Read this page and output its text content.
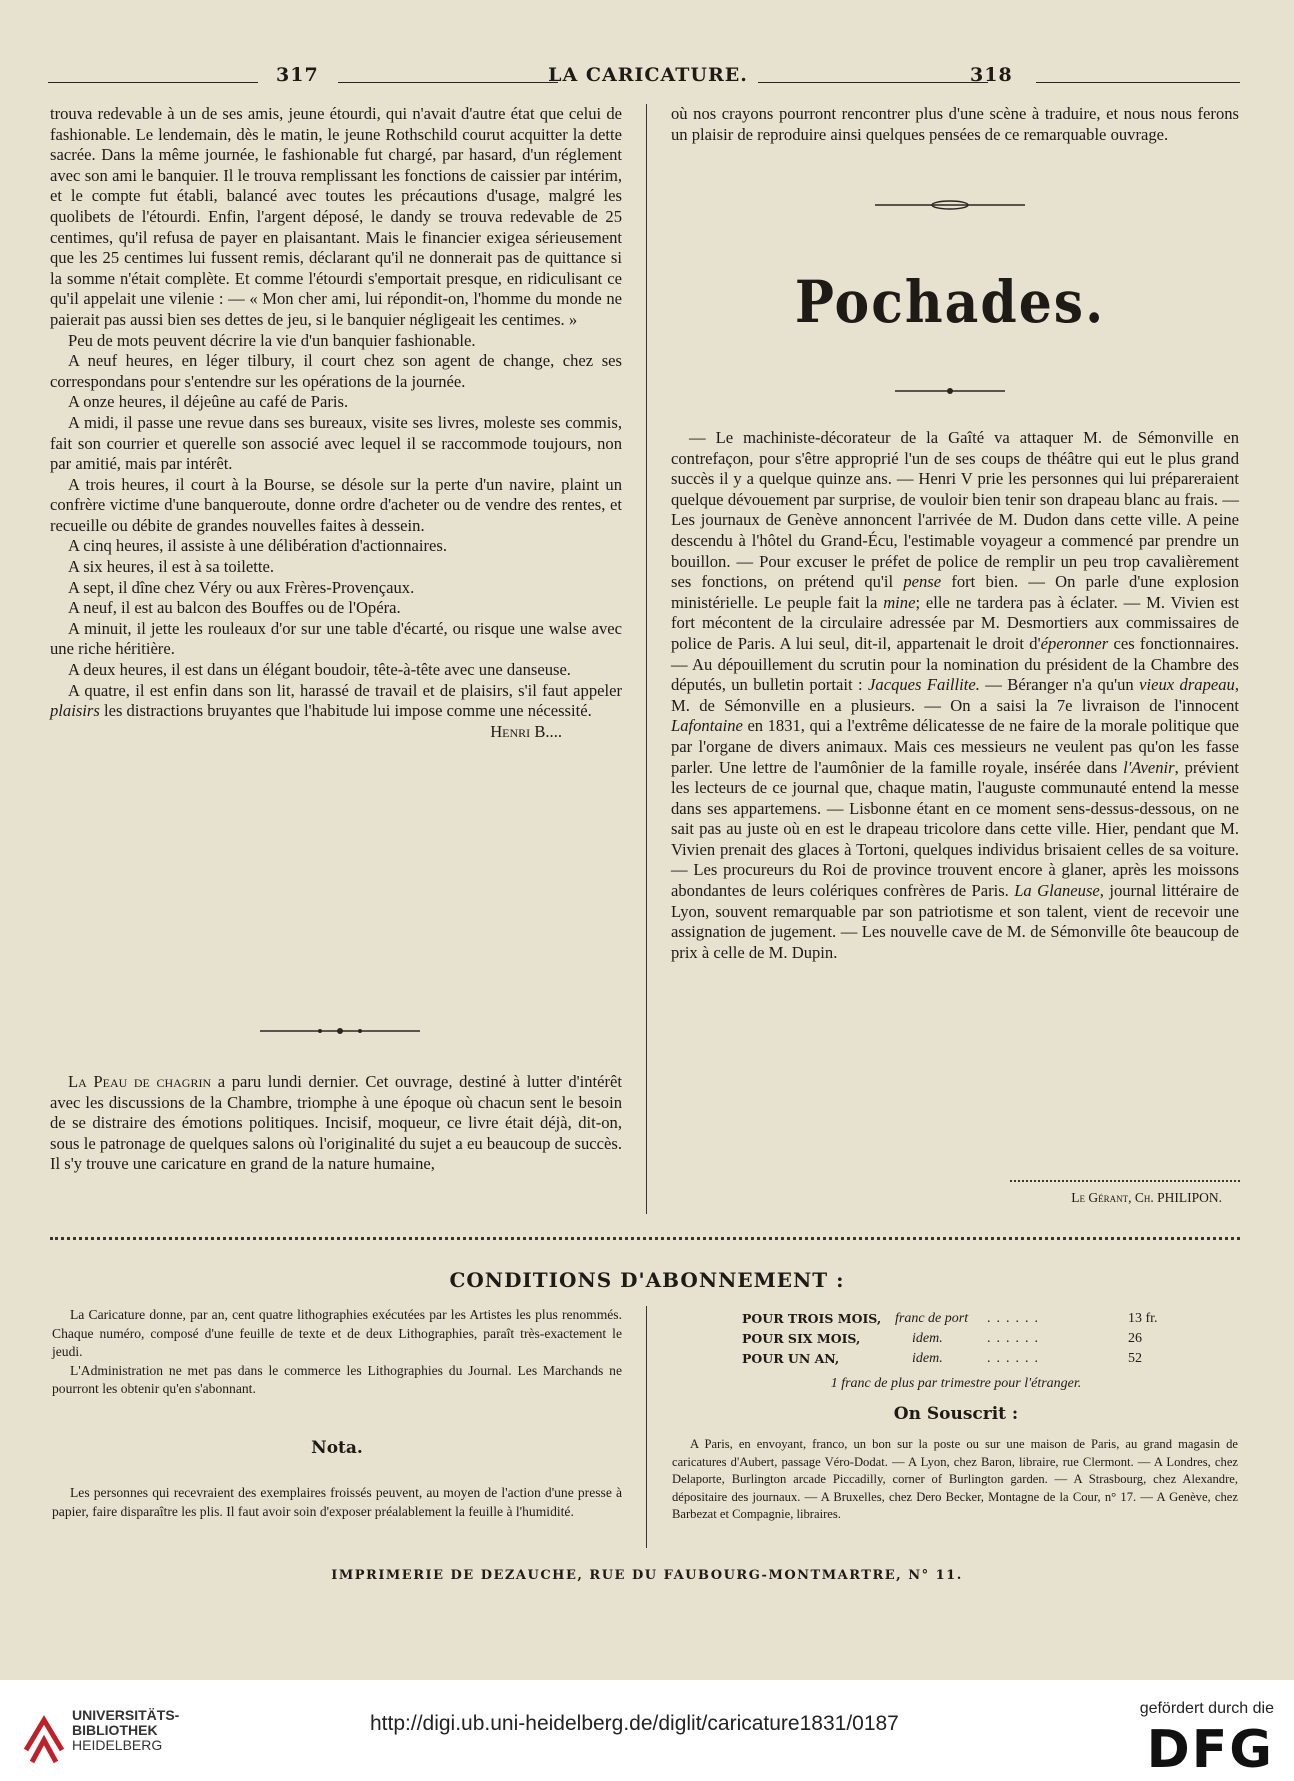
317	LA CARICATURE.	318

trouva redevable à un de ses amis, jeune étourdi, qui n'avait d'autre état que celui de fashionable. Le lendemain, dès le matin, le jeune Rothschild courut acquitter la dette sacrée. Dans la même journée, le fashionable fut chargé, par hasard, d'un réglement avec son ami le banquier. Il le trouva remplissant les fonctions de caissier par intérim, et le compte fut établi, balancé avec toutes les précautions d'usage, malgré les quolibets de l'étourdi. Enfin, l'argent déposé, le dandy se trouva redevable de 25 centimes, qu'il refusa de payer en plaisantant. Mais le financier exigea sérieusement que les 25 centimes lui fussent remis, déclarant qu'il ne donnerait pas de quittance si la somme n'était complète. Et comme l'étourdi s'emportait presque, en ridiculisant ce qu'il appelait une vilenie : — « Mon cher ami, lui répondit-on, l'homme du monde ne paierait pas aussi bien ses dettes de jeu, si le banquier négligeait les centimes. »

Peu de mots peuvent décrire la vie d'un banquier fashionable.

A neuf heures, en léger tilbury, il court chez son agent de change, chez ses correspondans pour s'entendre sur les opérations de la journée.

A onze heures, il déjeûne au café de Paris.

A midi, il passe une revue dans ses bureaux, visite ses livres, moleste ses commis, fait son courrier et querelle son associé avec lequel il se raccommode toujours, non par amitié, mais par intérêt.

A trois heures, il court à la Bourse, se désole sur la perte d'un navire, plaint un confrère victime d'une banqueroute, donne ordre d'acheter ou de vendre des rentes, et recueille ou débite de grandes nouvelles faites à dessein.

A cinq heures, il assiste à une délibération d'actionnaires.

A six heures, il est à sa toilette.

A sept, il dîne chez Véry ou aux Frères-Provençaux.

A neuf, il est au balcon des Bouffes ou de l'Opéra.

A minuit, il jette les rouleaux d'or sur une table d'écarté, ou risque une walse avec une riche héritière.

A deux heures, il est dans un élégant boudoir, tête-à-tête avec une danseuse.

A quatre, il est enfin dans son lit, harassé de travail et de plaisirs, s'il faut appeler plaisirs les distractions bruyantes que l'habitude lui impose comme une nécessité.

Henri B....

La Peau de chagrin a paru lundi dernier. Cet ouvrage, destiné à lutter d'intérêt avec les discussions de la Chambre, triomphe à une époque où chacun sent le besoin de se distraire des émotions politiques. Incisif, moqueur, ce livre était déjà, dit-on, sous le patronage de quelques salons où l'originalité du sujet a eu beaucoup de succès. Il s'y trouve une caricature en grand de la nature humaine,

où nos crayons pourront rencontrer plus d'une scène à traduire, et nous nous ferons un plaisir de reproduire ainsi quelques pensées de ce remarquable ouvrage.

Pochades.

— Le machiniste-décorateur de la Gaîté va attaquer M. de Sémonville en contrefaçon, pour s'être approprié l'un de ses coups de théâtre qui eut le plus grand succès il y a quelque quinze ans. — Henri V prie les personnes qui lui prépareraient quelque dévouement par surprise, de vouloir bien tenir son drapeau blanc au frais. — Les journaux de Genève annoncent l'arrivée de M. Dudon dans cette ville. A peine descendu à l'hôtel du Grand-Écu, l'estimable voyageur a commencé par prendre un bouillon. — Pour excuser le préfet de police de remplir un peu trop cavalièrement ses fonctions, on prétend qu'il pense fort bien. — On parle d'une explosion ministérielle. Le peuple fait la mine; elle ne tardera pas à éclater. — M. Vivien est fort mécontent de la circulaire adressée par M. Desmortiers aux commissaires de police de Paris. A lui seul, dit-il, appartenait le droit d'éperonner ces fonctionnaires. — Au dépouillement du scrutin pour la nomination du président de la Chambre des députés, un bulletin portait : Jacques Faillite. — Béranger n'a qu'un vieux drapeau, M. de Sémonville en a plusieurs. — On a saisi la 7e livraison de l'innocent Lafontaine en 1831, qui a l'extrême délicatesse de ne faire de la morale politique que par l'organe de divers animaux. Mais ces messieurs ne veulent pas qu'on les fasse parler. Une lettre de l'aumônier de la famille royale, insérée dans l'Avenir, prévient les lecteurs de ce journal que, chaque matin, l'auguste communauté entend la messe dans ses appartemens. — Lisbonne étant en ce moment sens-dessus-dessous, on ne sait pas au juste où en est le drapeau tricolore dans cette ville. Hier, pendant que M. Vivien prenait des glaces à Tortoni, quelques individus brisaient celles de sa voiture. — Les procureurs du Roi de province trouvent encore à glaner, après les moissons abondantes de leurs colériques confrères de Paris. La Glaneuse, journal littéraire de Lyon, souvent remarquable par son patriotisme et son talent, vient de recevoir une assignation de jugement. — Les nouvelle cave de M. de Sémonville ôte beaucoup de prix à celle de M. Dupin.

Le Gérant, Ch. PHILIPON.
CONDITIONS D'ABONNEMENT :

La Caricature donne, par an, cent quatre lithographies exécutées par les Artistes les plus renommés. Chaque numéro, composé d'une feuille de texte et de deux Lithographies, paraît très-exactement le jeudi.

L'Administration ne met pas dans le commerce les Lithographies du Journal. Les Marchands ne pourront les obtenir qu'en s'abonnant.

Nota.

Les personnes qui recevraient des exemplaires froissés peuvent, au moyen de l'action d'une presse à papier, faire disparaître les plis. Il faut avoir soin d'exposer préalablement la feuille à l'humidité.

POUR TROIS MOIS, franc de port ......	13 fr.
POUR SIX MOIS,	idem.	......	26
POUR UN AN,	idem.	......	52
1 franc de plus par trimestre pour l'étranger.
On Souscrit :

A Paris, en envoyant, franco, un bon sur la poste ou sur une maison de Paris, au grand magasin de caricatures d'Aubert, passage Véro-Dodat. — A Lyon, chez Baron, libraire, rue Clermont. — A Londres, chez Delaporte, Burlington arcade Piccadilly, corner of Burlington garden. — A Strasbourg, chez Alexandre, dépositaire des journaux. — A Bruxelles, chez Dero Becker, Montagne de la Cour, n° 17. — A Genève, chez Barbezat et Compagnie, libraires.

IMPRIMERIE DE DEZAUCHE, RUE DU FAUBOURG-MONTMARTRE, N° 11.
UNIVERSITÄTS-
BIBLIOTHEK
HEIDELBERG
http://digi.ub.uni-heidelberg.de/diglit/caricature1831/0187
gefördert durch die
DFG
